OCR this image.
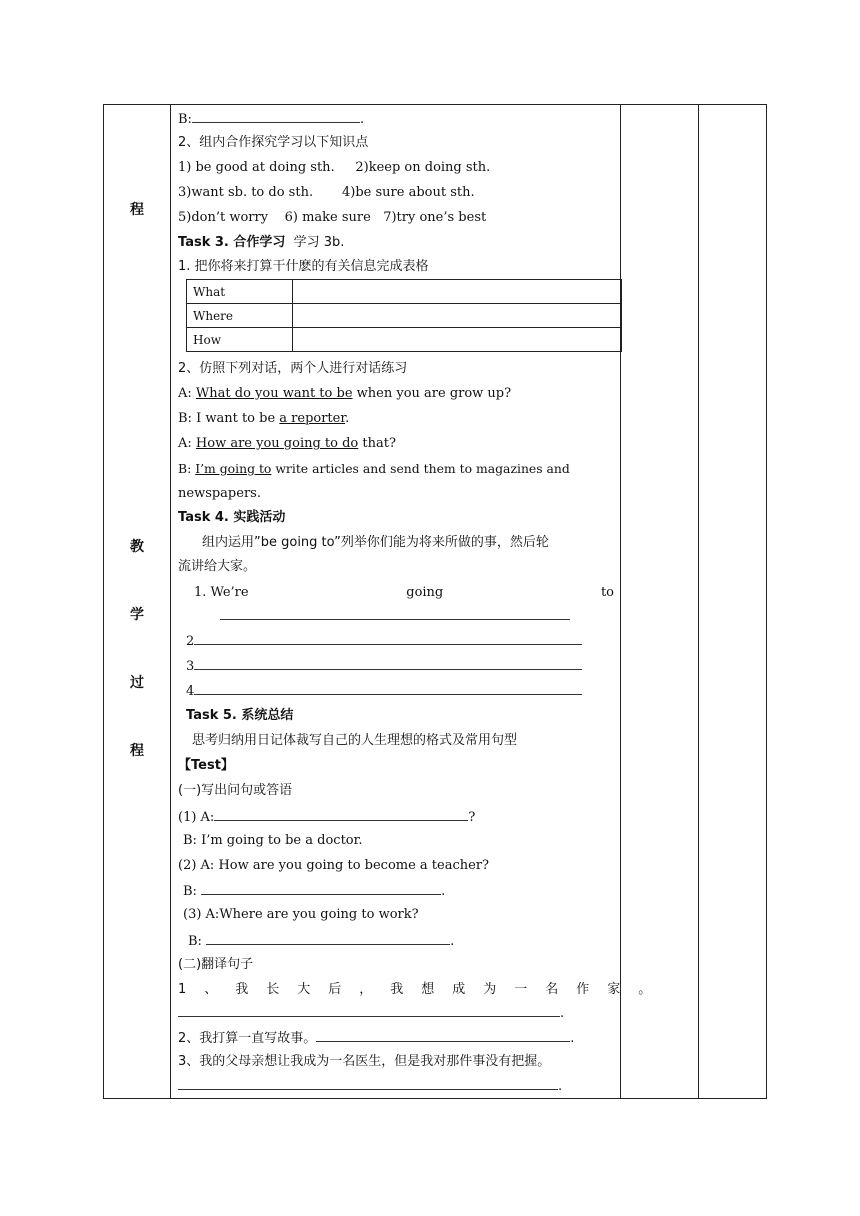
程
教
学
过
程
B:	.
2、组内合作探究学习以下知识点
1) be good at doing sth.     2)keep on doing sth.
3)want sb. to do sth.       4)be sure about sth.
5)don’t worry    6) make sure   7)try one’s best
Task 3. 合作学习 学习 3b.
1. 把你将来打算干什麽的有关信息完成表格
What	
Where	
How	
2、仿照下列对话，两个人进行对话练习
A: What do you want to be when you are grow up?
B: I want to be a reporter.
A: How are you going to do that?
B: I’m going to write articles and send them to magazines and
newspapers.
Task 4. 实践活动
组内运用”be going to”列举你们能为将来所做的事，然后轮
流讲给大家。
1. We’re	going	to
2
3
4
Task 5. 系统总结
思考归纳用日记体裁写自己的人生理想的格式及常用句型
【Test】
(一)写出问句或答语
(1) A:	?
B: I’m going to be a doctor.
(2) A: How are you going to become a teacher?
B:	.
(3) A:Where are you going to work?
B:	.
(二)翻译句子
1、我长大后，我想成为一名作家。
.
2、我打算一直写故事。	.
3、我的父母亲想让我成为一名医生，但是我对那件事没有把握。
.
